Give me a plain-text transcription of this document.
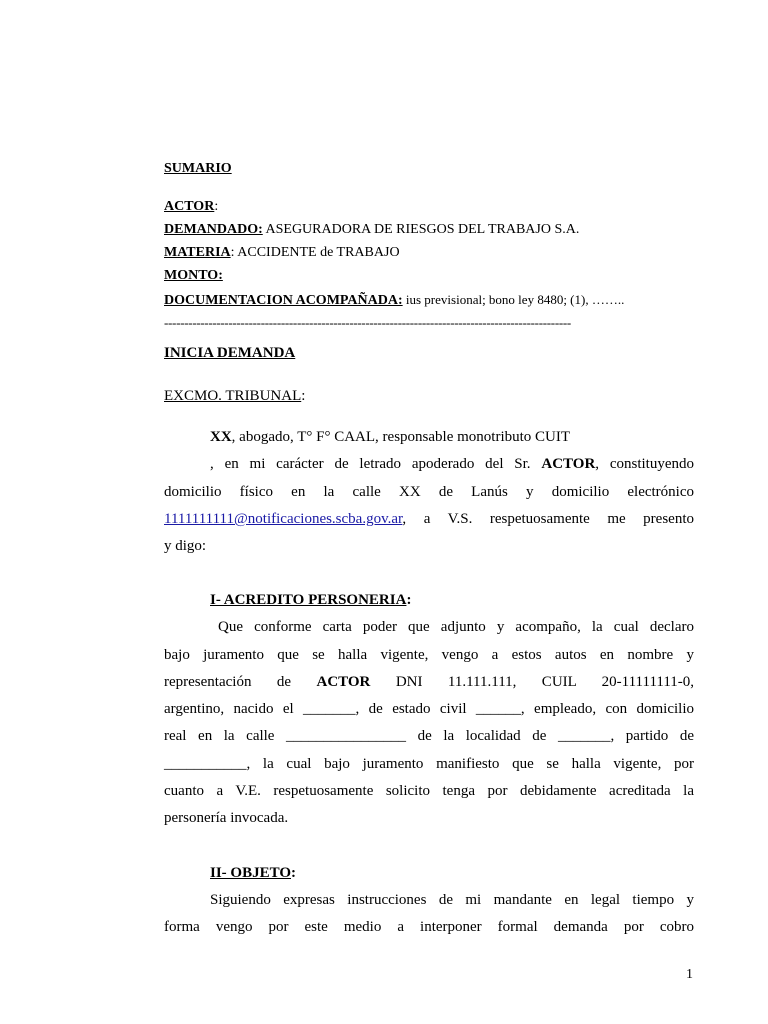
SUMARIO
ACTOR:
DEMANDADO: ASEGURADORA DE RIESGOS DEL TRABAJO S.A.
MATERIA: ACCIDENTE de TRABAJO
MONTO:
DOCUMENTACION ACOMPAÑADA: ius previsional; bono ley 8480; (1), ……..
-----------------------------------------------------------------------------------------------------
INICIA DEMANDA
EXCMO. TRIBUNAL:
XX, abogado, T° F° CAAL, responsable monotributo CUIT
, en mi carácter de letrado apoderado del Sr. ACTOR, constituyendo
domicilio físico en la calle XX de Lanús y domicilio electrónico
1111111111@notificaciones.scba.gov.ar, a V.S. respetuosamente me presento
y digo:
I- ACREDITO PERSONERIA:
Que conforme carta poder que adjunto y acompaño, la cual declaro
bajo juramento que se halla vigente, vengo a estos autos en nombre y
representación de ACTOR DNI 11.111.111, CUIL 20-11111111-0,
argentino, nacido el _______, de estado civil ______, empleado, con domicilio
real en la calle ________________ de la localidad de _______, partido de
___________, la cual bajo juramento manifiesto que se halla vigente, por
cuanto a V.E. respetuosamente solicito tenga por debidamente acreditada la
personería invocada.
II- OBJETO:
Siguiendo expresas instrucciones de mi mandante en legal tiempo y
forma vengo por este medio a interponer formal demanda por cobro
1
